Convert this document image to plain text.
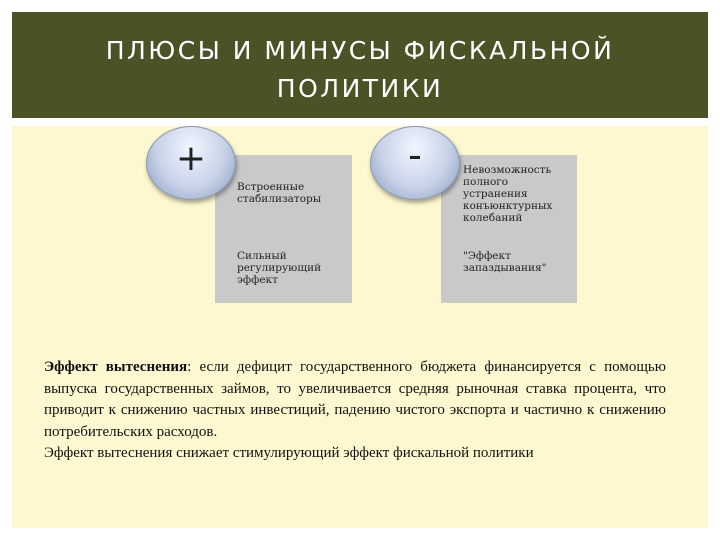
ПЛЮСЫ И МИНУСЫ ФИСКАЛЬНОЙ
ПОЛИТИКИ
Встроенные стабилизаторы
Сильный регулирующий эффект
+	Невозможность полного устранения конъюнктурных колебаний
"Эффект запаздывания"
-

Эффект вытеснения: если дефицит государственного бюджета финансируется с помощью выпуска государственных займов, то увеличивается средняя рыночная ставка процента, что приводит к снижению частных инвестиций, падению чистого экспорта и частично к снижению потребительских расходов.

Эффект вытеснения снижает стимулирующий эффект фискальной политики
